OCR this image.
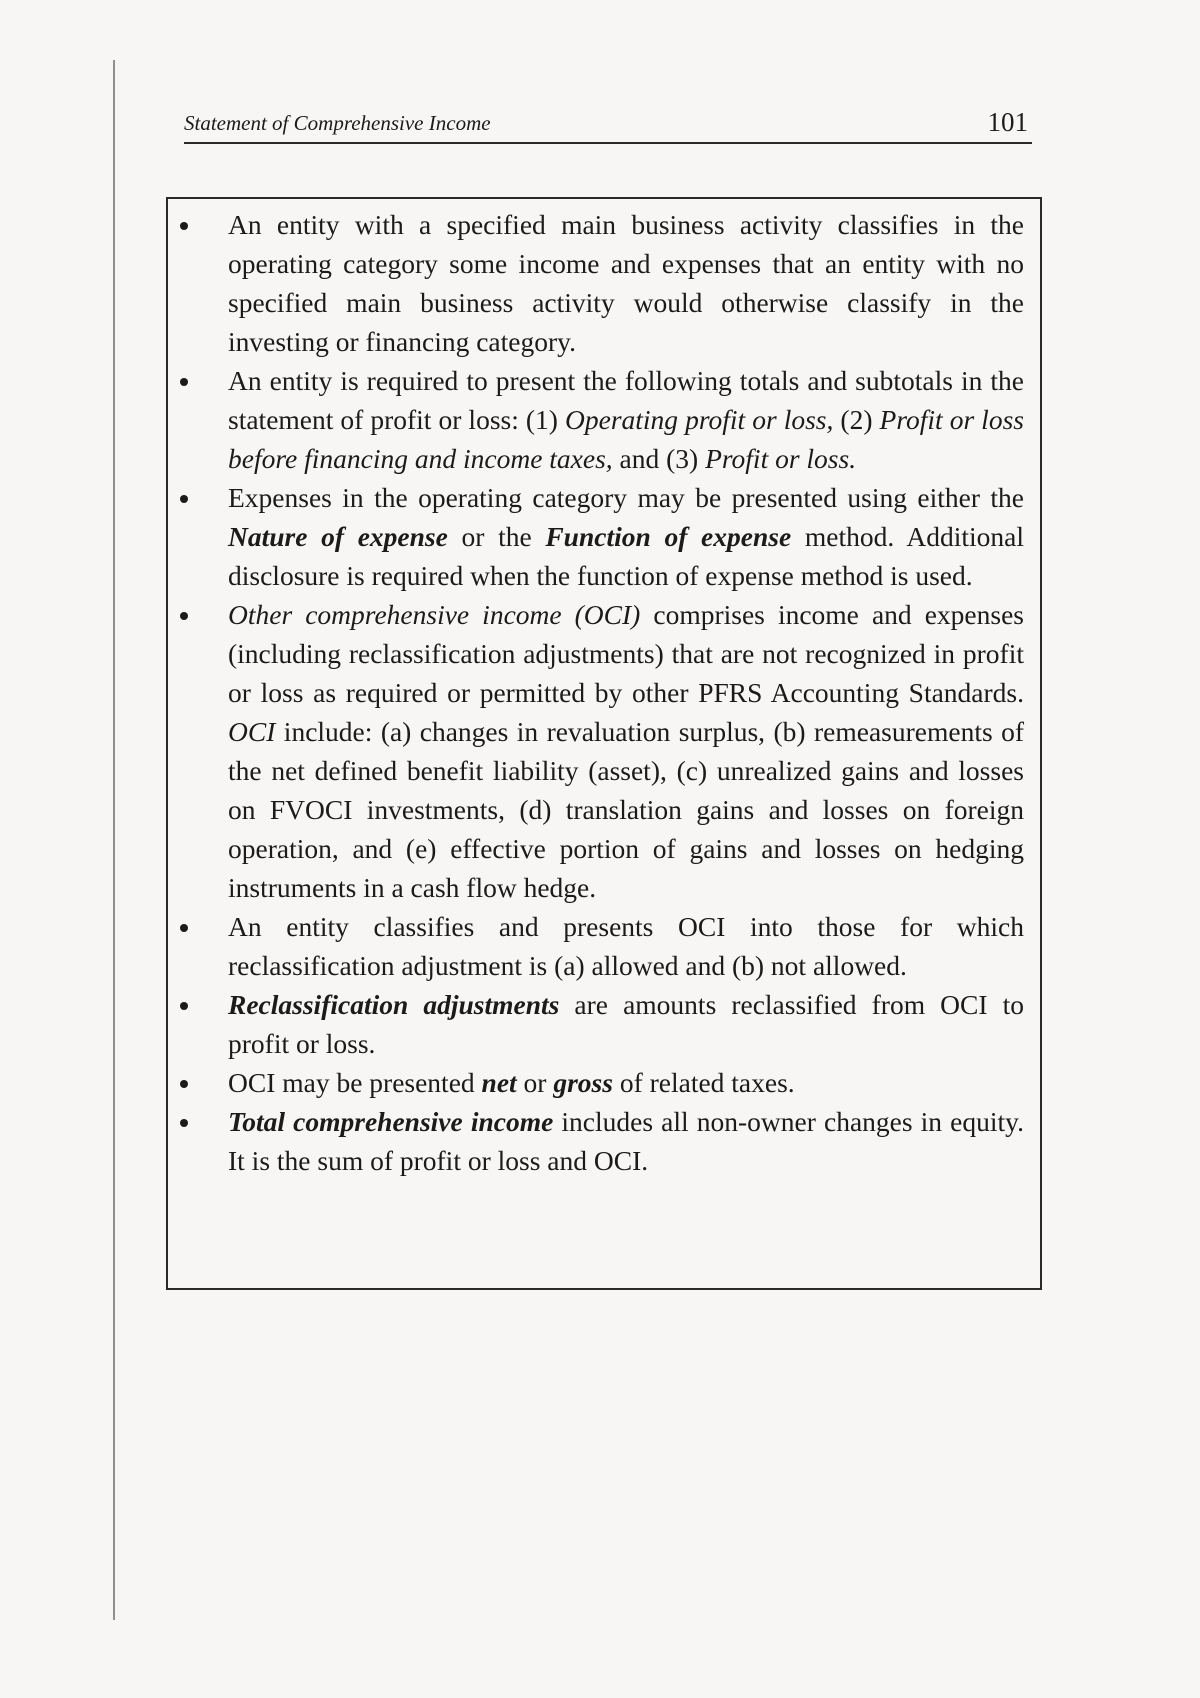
Statement of Comprehensive Income	101
An entity with a specified main business activity classifies in the operating category some income and expenses that an entity with no specified main business activity would otherwise classify in the investing or financing category.
An entity is required to present the following totals and subtotals in the statement of profit or loss: (1) Operating profit or loss, (2) Profit or loss before financing and income taxes, and (3) Profit or loss.
Expenses in the operating category may be presented using either the Nature of expense or the Function of expense method. Additional disclosure is required when the function of expense method is used.
Other comprehensive income (OCI) comprises income and expenses (including reclassification adjustments) that are not recognized in profit or loss as required or permitted by other PFRS Accounting Standards. OCI include: (a) changes in revaluation surplus, (b) remeasurements of the net defined benefit liability (asset), (c) unrealized gains and losses on FVOCI investments, (d) translation gains and losses on foreign operation, and (e) effective portion of gains and losses on hedging instruments in a cash flow hedge.
An entity classifies and presents OCI into those for which reclassification adjustment is (a) allowed and (b) not allowed.
Reclassification adjustments are amounts reclassified from OCI to profit or loss.
OCI may be presented net or gross of related taxes.
Total comprehensive income includes all non-owner changes in equity. It is the sum of profit or loss and OCI.
